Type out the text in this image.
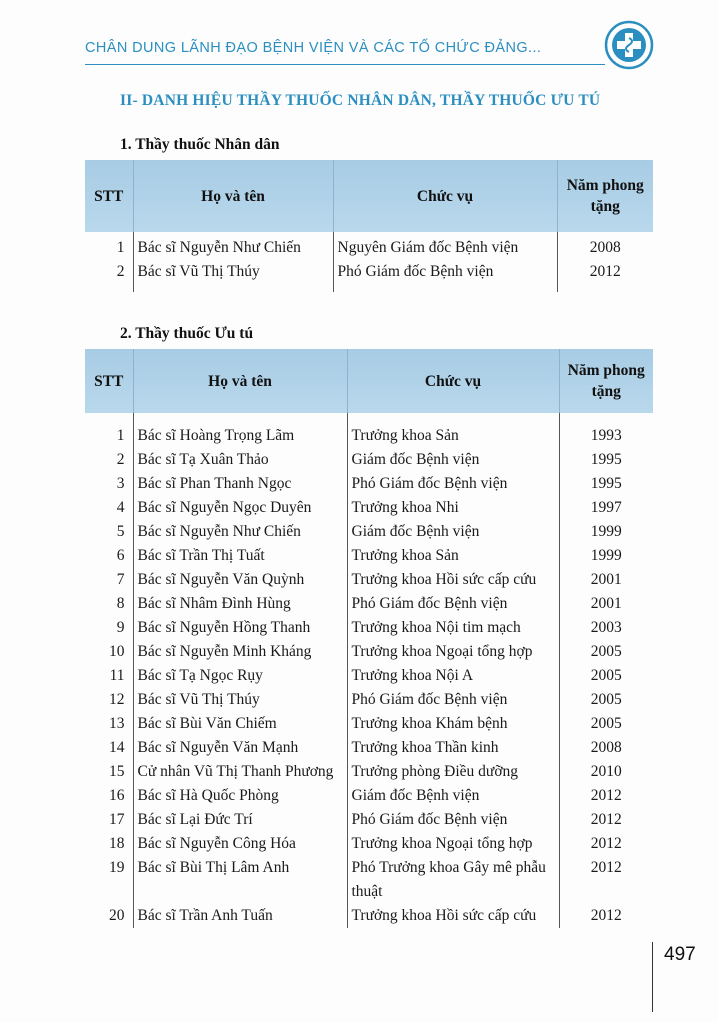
CHÂN DUNG LÃNH ĐẠO BỆNH VIỆN VÀ CÁC TỔ CHỨC ĐẢNG...
II- DANH HIỆU THẦY THUỐC NHÂN DÂN, THẦY THUỐC ƯU TÚ
1. Thầy thuốc Nhân dân
STT	Họ và tên	Chức vụ	Năm phong tặng
1	Bác sĩ Nguyễn Như Chiến	Nguyên Giám đốc Bệnh viện	2008
2	Bác sĩ Vũ Thị Thúy	Phó Giám đốc Bệnh viện	2012
2. Thầy thuốc Ưu tú
STT	Họ và tên	Chức vụ	Năm phong tặng
1	Bác sĩ Hoàng Trọng Lãm	Trưởng khoa Sản	1993
2	Bác sĩ Tạ Xuân Thảo	Giám đốc Bệnh viện	1995
3	Bác sĩ Phan Thanh Ngọc	Phó Giám đốc Bệnh viện	1995
4	Bác sĩ Nguyễn Ngọc Duyên	Trưởng khoa Nhi	1997
5	Bác sĩ Nguyễn Như Chiến	Giám đốc Bệnh viện	1999
6	Bác sĩ Trần Thị Tuất	Trưởng khoa Sản	1999
7	Bác sĩ Nguyễn Văn Quỳnh	Trưởng khoa Hồi sức cấp cứu	2001
8	Bác sĩ Nhâm Đình Hùng	Phó Giám đốc Bệnh viện	2001
9	Bác sĩ Nguyễn Hồng Thanh	Trưởng khoa Nội tim mạch	2003
10	Bác sĩ Nguyễn Minh Kháng	Trưởng khoa Ngoại tổng hợp	2005
11	Bác sĩ Tạ Ngọc Rụy	Trưởng khoa Nội A	2005
12	Bác sĩ Vũ Thị Thúy	Phó Giám đốc Bệnh viện	2005
13	Bác sĩ Bùi Văn Chiếm	Trưởng khoa Khám bệnh	2005
14	Bác sĩ Nguyễn Văn Mạnh	Trưởng khoa Thần kinh	2008
15	Cử nhân Vũ Thị Thanh Phương	Trưởng phòng Điều dưỡng	2010
16	Bác sĩ Hà Quốc Phòng	Giám đốc Bệnh viện	2012
17	Bác sĩ Lại Đức Trí	Phó Giám đốc Bệnh viện	2012
18	Bác sĩ Nguyễn Công Hóa	Trưởng khoa Ngoại tổng hợp	2012
19	Bác sĩ Bùi Thị Lâm Anh	Phó Trưởng khoa Gây mê phẫu thuật	2012
20	Bác sĩ Trần Anh Tuấn	Trưởng khoa Hồi sức cấp cứu	2012
497
